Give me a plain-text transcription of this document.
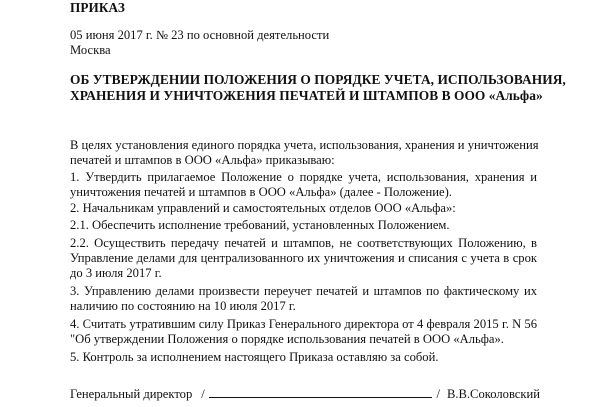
ПРИКАЗ
05 июня 2017 г. № 23 по основной деятельности
Москва
ОБ УТВЕРЖДЕНИИ ПОЛОЖЕНИЯ О ПОРЯДКЕ УЧЕТА, ИСПОЛЬЗОВАНИЯ,
ХРАНЕНИЯ И УНИЧТОЖЕНИЯ ПЕЧАТЕЙ И ШТАМПОВ В ООО «Альфа»
В целях установления единого порядка учета, использования, хранения и уничтожения
печатей и штампов в ООО «Альфа» приказываю:
1. Утвердить прилагаемое Положение о порядке учета, использования, хранения и
уничтожения печатей и штампов в ООО «Альфа» (далее - Положение).
2. Начальникам управлений и самостоятельных отделов ООО «Альфа»:
2.1. Обеспечить исполнение требований, установленных Положением.
2.2. Осуществить передачу печатей и штампов, не соответствующих Положению, в
Управление делами для централизованного их уничтожения и списания с учета в срок
до 3 июля 2017 г.
3. Управлению делами произвести переучет печатей и штампов по фактическому их
наличию по состоянию на 10 июля 2017 г.
4. Считать утратившим силу Приказ Генерального директора от 4 февраля 2015 г. N 56
"Об утверждении Положения о порядке использования печатей в ООО «Альфа».
5. Контроль за исполнением настоящего Приказа оставляю за собой.
Генеральный директор /	/ В.В.Соколовский
